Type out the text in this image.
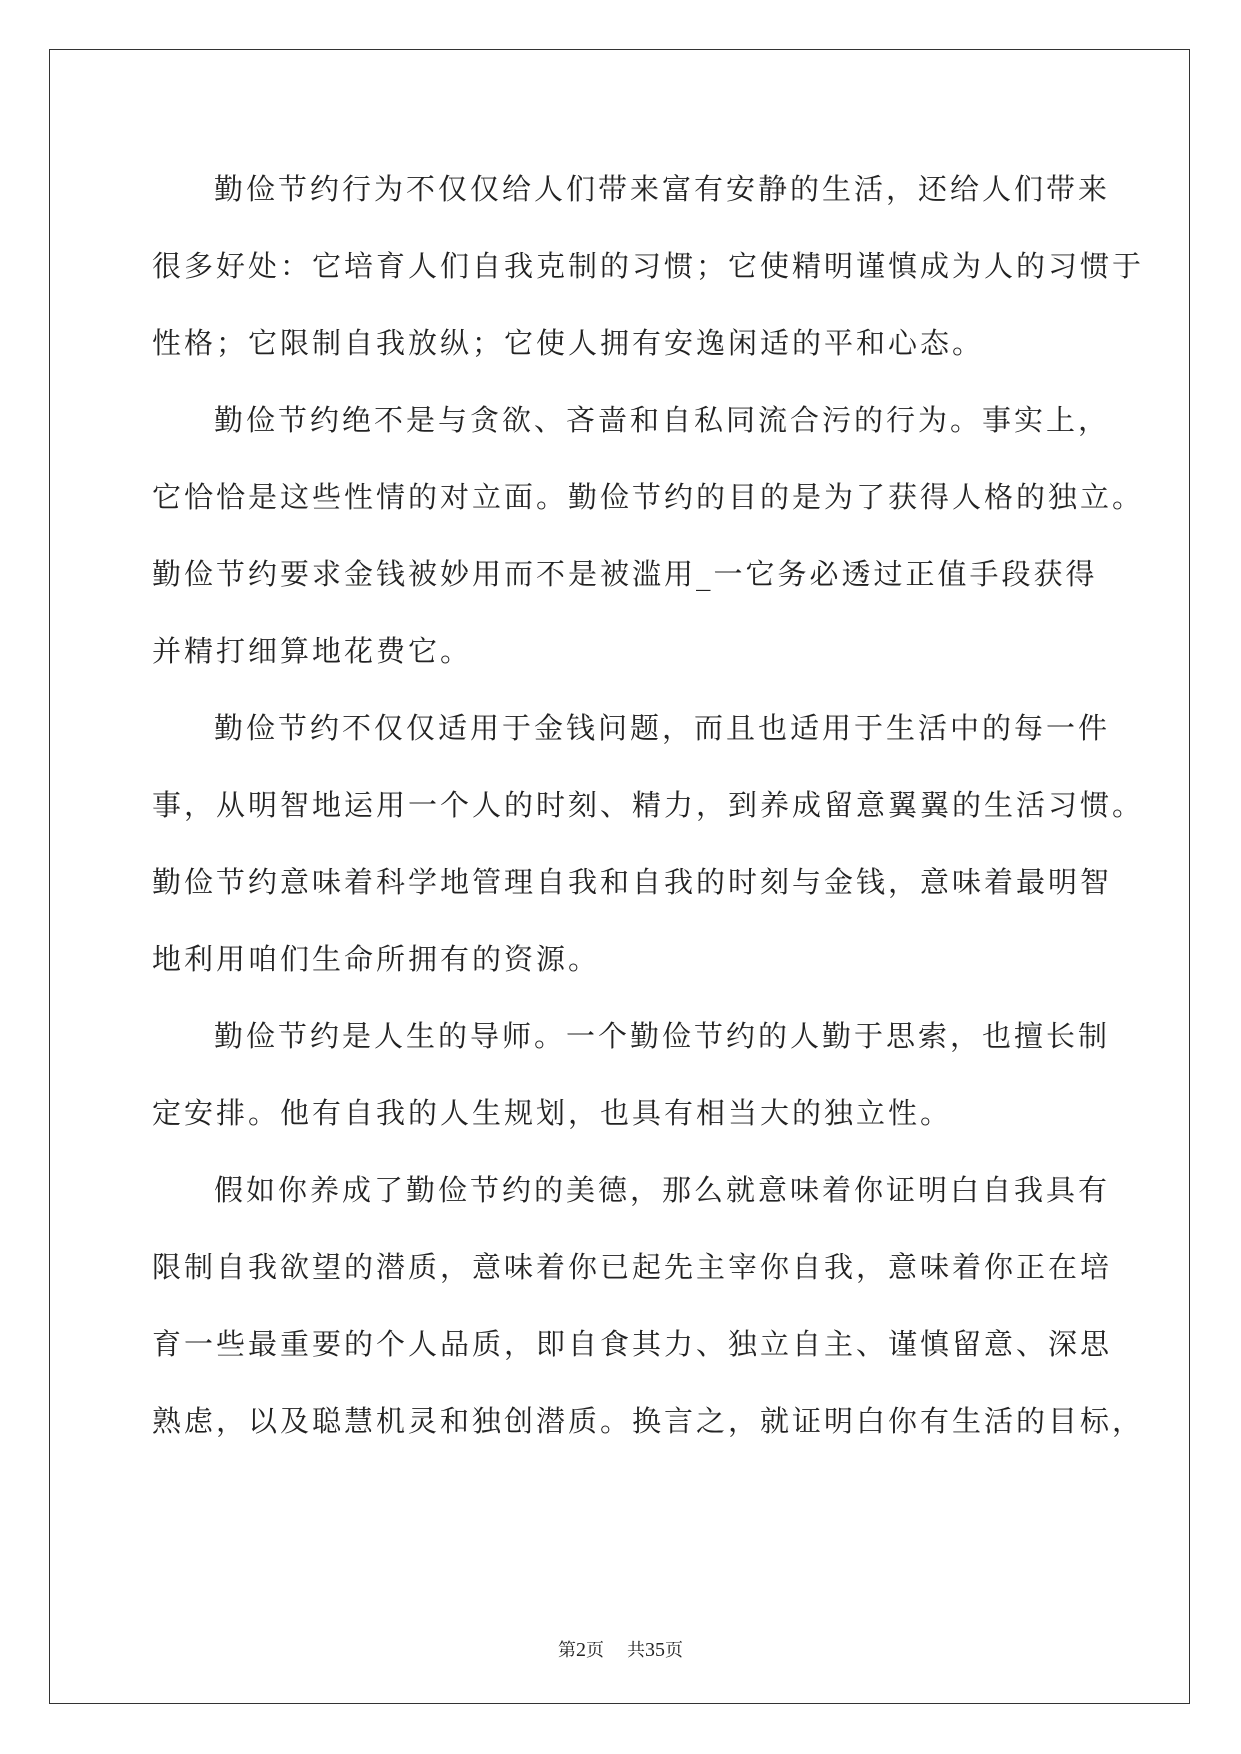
勤俭节约行为不仅仅给人们带来富有安静的生活，还给人们带来
很多好处：它培育人们自我克制的习惯；它使精明谨慎成为人的习惯于
性格；它限制自我放纵；它使人拥有安逸闲适的平和心态。
勤俭节约绝不是与贪欲、吝啬和自私同流合污的行为。事实上，
它恰恰是这些性情的对立面。勤俭节约的目的是为了获得人格的独立。
勤俭节约要求金钱被妙用而不是被滥用_一它务必透过正值手段获得
并精打细算地花费它。
勤俭节约不仅仅适用于金钱问题，而且也适用于生活中的每一件
事，从明智地运用一个人的时刻、精力，到养成留意翼翼的生活习惯。
勤俭节约意味着科学地管理自我和自我的时刻与金钱，意味着最明智
地利用咱们生命所拥有的资源。
勤俭节约是人生的导师。一个勤俭节约的人勤于思索，也擅长制
定安排。他有自我的人生规划，也具有相当大的独立性。
假如你养成了勤俭节约的美德，那么就意味着你证明白自我具有
限制自我欲望的潜质，意味着你已起先主宰你自我，意味着你正在培
育一些最重要的个人品质，即自食其力、独立自主、谨慎留意、深思
熟虑，以及聪慧机灵和独创潜质。换言之，就证明白你有生活的目标，
第2页 共35页
